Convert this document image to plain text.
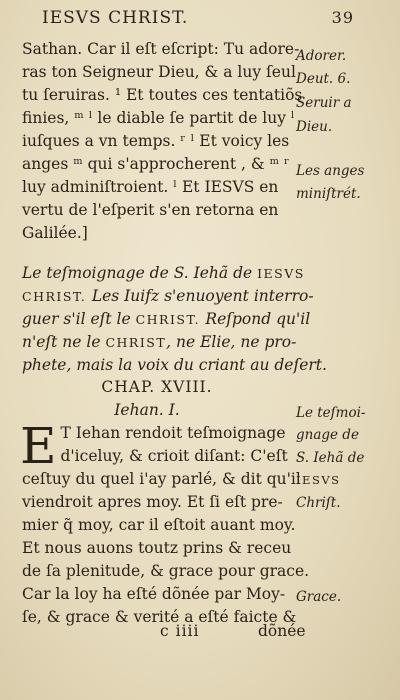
IESVS CHRIST.	39
Sathan. Car il eſt eſcript: Tu adore-
ras ton Seigneur Dieu, & a luy ſeul
tu ſeruiras. ¹ Et toutes ces tentatiõs
finies, ᵐ ˡ le diable ſe partit de luy ˡ
iuſques a vn temps. ʳ ˡ Et voicy les
anges ᵐ qui s'approcherent , & ᵐ ʳ
luy adminiſtroient. ˡ Et IESVS en
vertu de l'eſperit s'en retorna en
Galilée.]
Adorer.
Deut. 6.
Seruir a
Dieu.
Les anges
miniſtrét.
Le teſmoignage de S. Iehã de IESVS
CHRIST. Les Iuifz s'enuoyent interro-
guer s'il eſt le CHRIST. Reſpond qu'il
n'eſt ne le CHRIST, ne Elie, ne pro-
phete, mais la voix du criant au deſert.
CHAP. XVIII.
Iehan. I.
E T Iehan rendoit teſmoignage
d'iceluy, & crioit diſant: C'eſt
ceſtuy du quel i'ay parlé, & dit qu'il
viendroit apres moy. Et ſi eſt pre-
mier q̃ moy, car il eſtoit auant moy.
Et nous auons toutz prins & receu
de ſa plenitude, & grace pour grace.
Car la loy ha eſté dõnée par Moy-
ſe, & grace & verité a eſté faicte &
Le teſmoi-
gnage de
S. Iehã de
IESVS
Chriſt.
Grace.
c iiii	dõnée
